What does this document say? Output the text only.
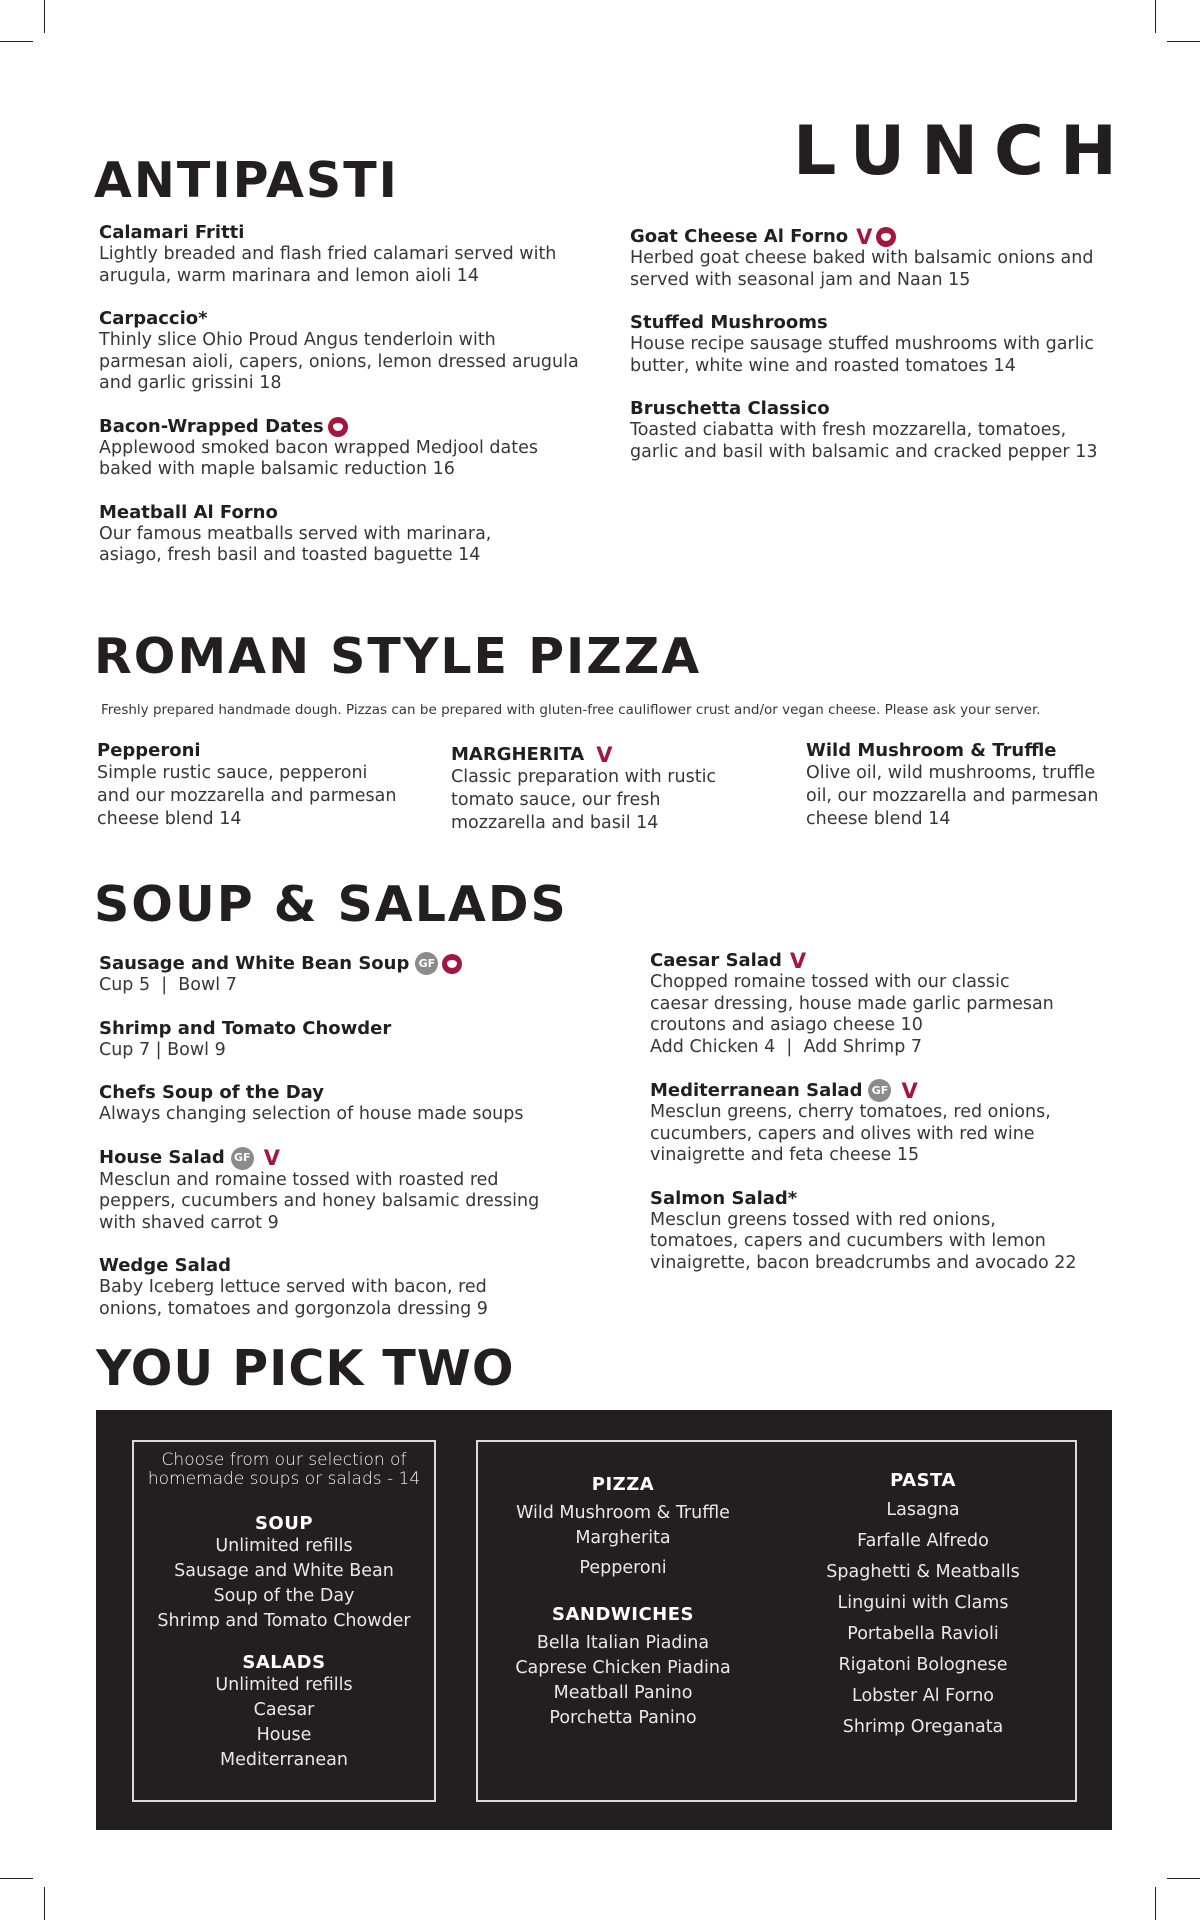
LUNCH
ANTIPASTI
ROMAN STYLE PIZZA
SOUP & SALADS
YOU PICK TWO
Calamari Fritti
Lightly breaded and flash fried calamari served with arugula, warm marinara and lemon aioli 14
Carpaccio*
Thinly slice Ohio Proud Angus tenderloin with parmesan aioli, capers, onions, lemon dressed arugula and garlic grissini 18
Bacon-Wrapped Dates
Applewood smoked bacon wrapped Medjool dates baked with maple balsamic reduction 16
Meatball Al Forno
Our famous meatballs served with marinara, asiago, fresh basil and toasted baguette 14
Goat Cheese Al Forno V
Herbed goat cheese baked with balsamic onions and served with seasonal jam and Naan 15
Stuffed Mushrooms
House recipe sausage stuffed mushrooms with garlic butter, white wine and roasted tomatoes 14
Bruschetta Classico
Toasted ciabatta with fresh mozzarella, tomatoes, garlic and basil with balsamic and cracked pepper 13
Freshly prepared handmade dough. Pizzas can be prepared with gluten-free cauliflower crust and/or vegan cheese. Please ask your server.
Pepperoni
Simple rustic sauce, pepperoni and our mozzarella and parmesan cheese blend 14
MARGHERITA V
Classic preparation with rustic tomato sauce, our fresh mozzarella and basil 14
Wild Mushroom & Truffle
Olive oil, wild mushrooms, truffle oil, our mozzarella and parmesan cheese blend 14
Sausage and White Bean Soup GF
Cup 5  |  Bowl 7
Shrimp and Tomato Chowder
Cup 7 | Bowl 9
Chefs Soup of the Day
Always changing selection of house made soups
House Salad GF V
Mesclun and romaine tossed with roasted red peppers, cucumbers and honey balsamic dressing with shaved carrot 9
Wedge Salad
Baby Iceberg lettuce served with bacon, red onions, tomatoes and gorgonzola dressing 9
Caesar Salad V
Chopped romaine tossed with our classic caesar dressing, house made garlic parmesan croutons and asiago cheese 10
Add Chicken 4  |  Add Shrimp 7
Mediterranean Salad GF V
Mesclun greens, cherry tomatoes, red onions, cucumbers, capers and olives with red wine vinaigrette and feta cheese 15
Salmon Salad*
Mesclun greens tossed with red onions, tomatoes, capers and cucumbers with lemon vinaigrette, bacon breadcrumbs and avocado 22
Choose from our selection of
homemade soups or salads - 14
SOUP
Unlimited refills
Sausage and White Bean
Soup of the Day
Shrimp and Tomato Chowder
SALADS
Unlimited refills
Caesar
House
Mediterranean
PIZZA
Wild Mushroom & Truffle
Margherita
Pepperoni
SANDWICHES
Bella Italian Piadina
Caprese Chicken Piadina
Meatball Panino
Porchetta Panino
PASTA
Lasagna
Farfalle Alfredo
Spaghetti & Meatballs
Linguini with Clams
Portabella Ravioli
Rigatoni Bolognese
Lobster Al Forno
Shrimp Oreganata
